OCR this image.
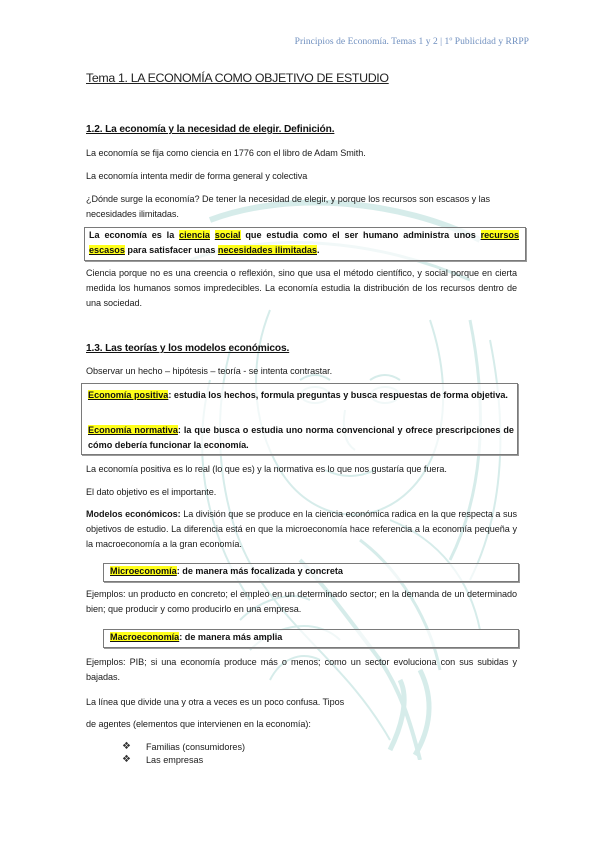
Principios de Economía. Temas 1 y 2 | 1º Publicidad y RRPP
Tema 1. LA ECONOMÍA COMO OBJETIVO DE ESTUDIO
1.2. La economía y la necesidad de elegir. Definición.
La economía se fija como ciencia en 1776 con el libro de Adam Smith.
La economía intenta medir de forma general y colectiva
¿Dónde surge la economía? De tener la necesidad de elegir, y porque los recursos son escasos y las necesidades ilimitadas.
La economía es la ciencia social que estudia como el ser humano administra unos recursos escasos para satisfacer unas necesidades ilimitadas.
Ciencia porque no es una creencia o reflexión, sino que usa el método científico, y social porque en cierta medida los humanos somos impredecibles. La economía estudia la distribución de los recursos dentro de una sociedad.
1.3. Las teorías y los modelos económicos.
Observar un hecho – hipótesis – teoría - se intenta contrastar.
Economía positiva: estudia los hechos, formula preguntas y busca respuestas de forma objetiva.
Economía normativa: la que busca o estudia uno norma convencional y ofrece prescripciones de cómo debería funcionar la economía.
La economía positiva es lo real (lo que es) y la normativa es lo que nos gustaría que fuera.
El dato objetivo es el importante.
Modelos económicos: La división que se produce en la ciencia económica radica en la que respecta a sus objetivos de estudio. La diferencia está en que la microeconomía hace referencia a la economía pequeña y la macroeconomía a la gran economía.
Microeconomía: de manera más focalizada y concreta
Ejemplos: un producto en concreto; el empleo en un determinado sector; en la demanda de un determinado bien; que producir y como producirlo en una empresa.
Macroeconomía: de manera más amplia
Ejemplos: PIB; si una economía produce más o menos; como un sector evoluciona con sus subidas y bajadas.
La línea que divide una y otra a veces es un poco confusa. Tipos
de agentes (elementos que intervienen en la economía):
❖ Familias (consumidores)
❖ Las empresas
